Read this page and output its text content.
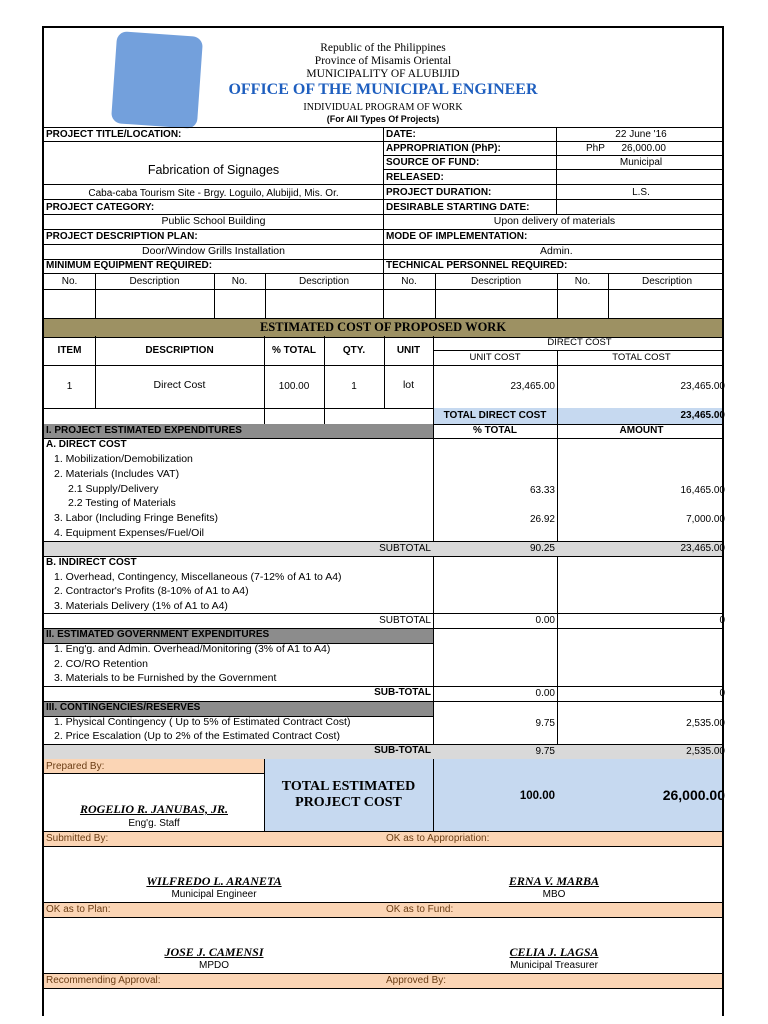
Republic of the Philippines
Province of Misamis Oriental
MUNICIPALITY OF ALUBIJID
OFFICE OF THE MUNICIPAL ENGINEER
INDIVIDUAL PROGRAM OF WORK
(For All Types Of Projects)
PROJECT TITLE/LOCATION:
Fabrication of Signages
Caba-caba Tourism Site - Brgy. Loguilo, Alubijid, Mis. Or.
DATE:	22 June '16
APPROPRIATION (PhP):	PhP	26,000.00
SOURCE OF FUND:	Municipal
RELEASED:
PROJECT DURATION:	L.S.
PROJECT CATEGORY:	DESIRABLE STARTING DATE:
Public School Building	Upon delivery of materials
PROJECT DESCRIPTION PLAN:	MODE OF IMPLEMENTATION:
Door/Window Grills Installation	Admin.
MINIMUM EQUIPMENT REQUIRED:	TECHNICAL PERSONNEL REQUIRED:
No.	Description	No.	Description	No.	Description	No.	Description
ESTIMATED COST OF PROPOSED WORK
ITEM	DESCRIPTION	% TOTAL	QTY.	UNIT
DIRECT COST
UNIT COST	TOTAL COST
1	Direct Cost	100.00	1	lot	23,465.00	23,465.00
TOTAL DIRECT COST	23,465.00
I. PROJECT ESTIMATED EXPENDITURES	% TOTAL	AMOUNT
A. DIRECT COST
1. Mobilization/Demobilization
2. Materials (Includes VAT)
2.1 Supply/Delivery	63.33	16,465.00
2.2 Testing of Materials
3. Labor (Including Fringe Benefits)	26.92	7,000.00
4. Equipment Expenses/Fuel/Oil
SUBTOTAL	90.25	23,465.00
B. INDIRECT COST
1. Overhead, Contingency, Miscellaneous (7-12% of A1 to A4)
2. Contractor's Profits (8-10% of A1 to A4)
3. Materials Delivery (1% of A1 to A4)
SUBTOTAL	0.00	0
II. ESTIMATED GOVERNMENT EXPENDITURES
1. Eng'g. and Admin. Overhead/Monitoring (3% of A1 to A4)
2. CO/RO Retention
3. Materials to be Furnished by the Government
SUB-TOTAL	0.00	0
III. CONTINGENCIES/RESERVES
1. Physical Contingency ( Up to 5% of Estimated Contract Cost)	9.75	2,535.00
2. Price Escalation (Up to 2% of the Estimated Contract Cost)
SUB-TOTAL	9.75	2,535.00
Prepared By:
TOTAL ESTIMATED
PROJECT COST	100.00	26,000.00
ROGELIO R. JANUBAS, JR.
Eng'g. Staff
Submitted By:	OK as to Appropriation:
WILFREDO L. ARANETA
Municipal Engineer
ERNA V. MARBA
MBO
OK as to Plan:	OK as to Fund:
JOSE J. CAMENSI
MPDO
CELIA J. LAGSA
Municipal Treasurer
Recommending Approval:	Approved By:
